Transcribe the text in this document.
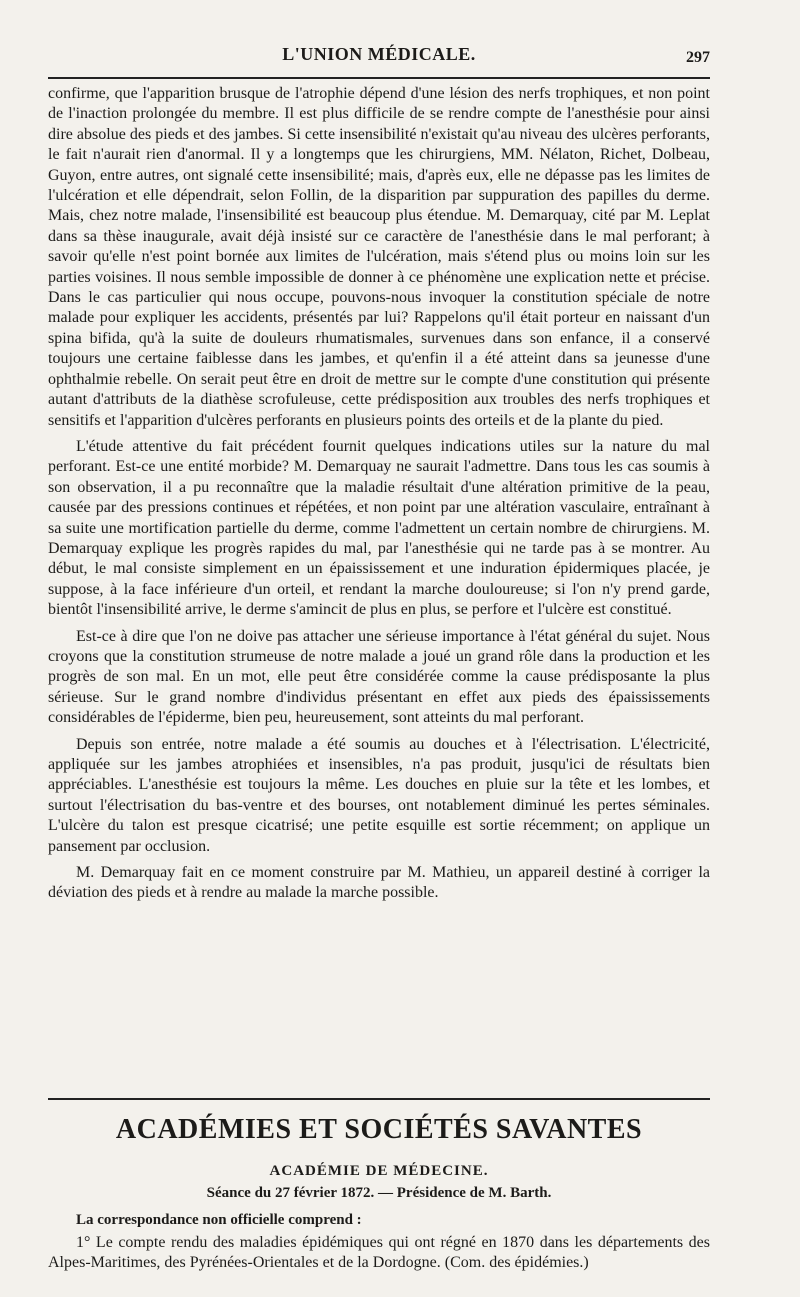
L'UNION MÉDICALE.	297

confirme, que l'apparition brusque de l'atrophie dépend d'une lésion des nerfs trophiques, et non point de l'inaction prolongée du membre. Il est plus difficile de se rendre compte de l'anesthésie pour ainsi dire absolue des pieds et des jambes. Si cette insensibilité n'existait qu'au niveau des ulcères perforants, le fait n'aurait rien d'anormal. Il y a longtemps que les chirurgiens, MM. Nélaton, Richet, Dolbeau, Guyon, entre autres, ont signalé cette insensibilité; mais, d'après eux, elle ne dépasse pas les limites de l'ulcération et elle dépendrait, selon Follin, de la disparition par suppuration des papilles du derme. Mais, chez notre malade, l'insensibilité est beaucoup plus étendue. M. Demarquay, cité par M. Leplat dans sa thèse inaugurale, avait déjà insisté sur ce caractère de l'anesthésie dans le mal perforant; à savoir qu'elle n'est point bornée aux limites de l'ulcération, mais s'étend plus ou moins loin sur les parties voisines. Il nous semble impossible de donner à ce phénomène une explication nette et précise. Dans le cas particulier qui nous occupe, pouvons-nous invoquer la constitution spéciale de notre malade pour expliquer les accidents, présentés par lui? Rappelons qu'il était porteur en naissant d'un spina bifida, qu'à la suite de douleurs rhumatismales, survenues dans son enfance, il a conservé toujours une certaine faiblesse dans les jambes, et qu'enfin il a été atteint dans sa jeunesse d'une ophthalmie rebelle. On serait peut être en droit de mettre sur le compte d'une constitution qui présente autant d'attributs de la diathèse scrofuleuse, cette prédisposition aux troubles des nerfs trophiques et sensitifs et l'apparition d'ulcères perforants en plusieurs points des orteils et de la plante du pied.

L'étude attentive du fait précédent fournit quelques indications utiles sur la nature du mal perforant. Est-ce une entité morbide? M. Demarquay ne saurait l'admettre. Dans tous les cas soumis à son observation, il a pu reconnaître que la maladie résultait d'une altération primitive de la peau, causée par des pressions continues et répétées, et non point par une altération vasculaire, entraînant à sa suite une mortification partielle du derme, comme l'admettent un certain nombre de chirurgiens. M. Demarquay explique les progrès rapides du mal, par l'anesthésie qui ne tarde pas à se montrer. Au début, le mal consiste simplement en un épaississement et une induration épidermiques placée, je suppose, à la face inférieure d'un orteil, et rendant la marche douloureuse; si l'on n'y prend garde, bientôt l'insensibilité arrive, le derme s'amincit de plus en plus, se perfore et l'ulcère est constitué.

Est-ce à dire que l'on ne doive pas attacher une sérieuse importance à l'état général du sujet. Nous croyons que la constitution strumeuse de notre malade a joué un grand rôle dans la production et les progrès de son mal. En un mot, elle peut être considérée comme la cause prédisposante la plus sérieuse. Sur le grand nombre d'individus présentant en effet aux pieds des épaississements considérables de l'épiderme, bien peu, heureusement, sont atteints du mal perforant.

Depuis son entrée, notre malade a été soumis au douches et à l'électrisation. L'électricité, appliquée sur les jambes atrophiées et insensibles, n'a pas produit, jusqu'ici de résultats bien appréciables. L'anesthésie est toujours la même. Les douches en pluie sur la tête et les lombes, et surtout l'électrisation du bas-ventre et des bourses, ont notablement diminué les pertes séminales. L'ulcère du talon est presque cicatrisé; une petite esquille est sortie récemment; on applique un pansement par occlusion.

M. Demarquay fait en ce moment construire par M. Mathieu, un appareil destiné à corriger la déviation des pieds et à rendre au malade la marche possible.

ACADÉMIES ET SOCIÉTÉS SAVANTES
ACADÉMIE DE MÉDECINE.
Séance du 27 février 1872. — Présidence de M. Barth.
La correspondance non officielle comprend :

1° Le compte rendu des maladies épidémiques qui ont régné en 1870 dans les départements des Alpes-Maritimes, des Pyrénées-Orientales et de la Dordogne. (Com. des épidémies.)
